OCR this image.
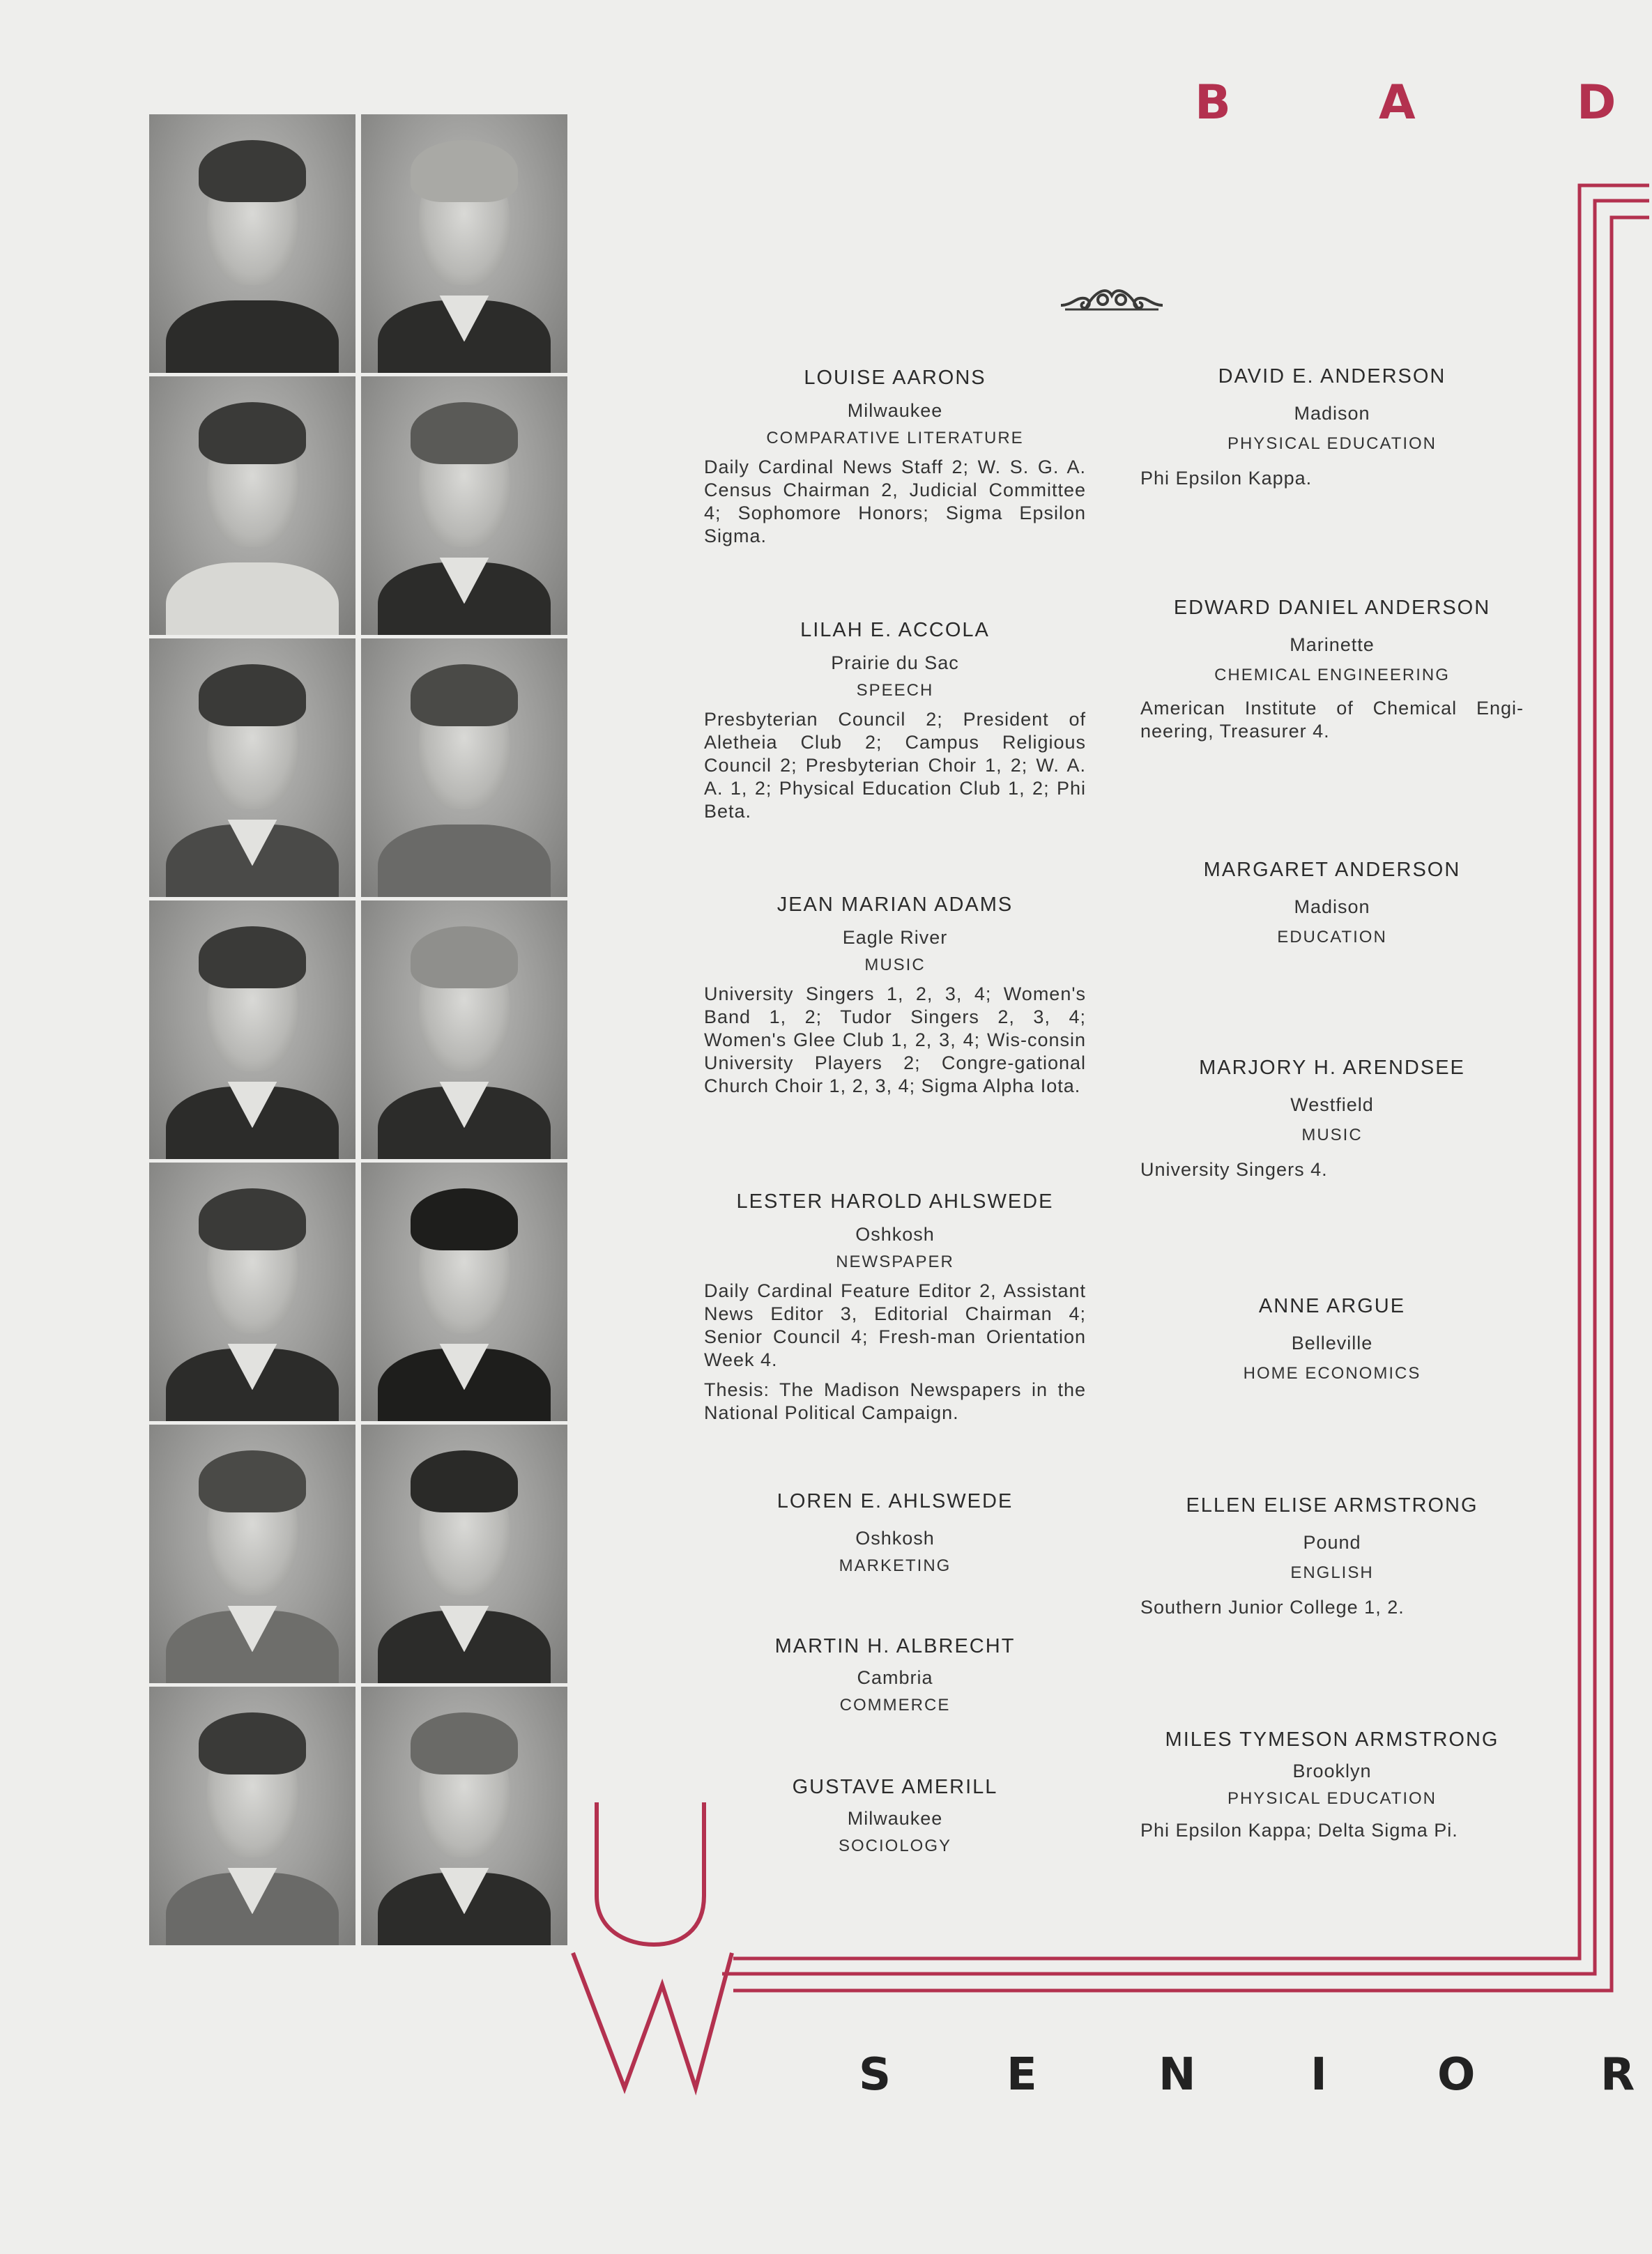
B	A	D
LOUISE AARONS
Milwaukee
COMPARATIVE LITERATURE
Daily Cardinal News Staff 2; W. S. G. A. Census Chairman 2, Judicial Committee 4; Sophomore Honors; Sigma Epsilon Sigma.
LILAH E. ACCOLA
Prairie du Sac
SPEECH
Presbyterian Council 2; President of Aletheia Club 2; Campus Religious Council 2; Presbyterian Choir 1, 2; W. A. A. 1, 2; Physical Education Club 1, 2; Phi Beta.
JEAN MARIAN ADAMS
Eagle River
MUSIC
University Singers 1, 2, 3, 4; Women's Band 1, 2; Tudor Singers 2, 3, 4; Women's Glee Club 1, 2, 3, 4; Wis-consin University Players 2; Congre-gational Church Choir 1, 2, 3, 4; Sigma Alpha Iota.
LESTER HAROLD AHLSWEDE
Oshkosh
NEWSPAPER
Daily Cardinal Feature Editor 2, Assistant News Editor 3, Editorial Chairman 4; Senior Council 4; Fresh-man Orientation Week 4.
Thesis: The Madison Newspapers in the National Political Campaign.
LOREN E. AHLSWEDE
Oshkosh
MARKETING
MARTIN H. ALBRECHT
Cambria
COMMERCE
GUSTAVE AMERILL
Milwaukee
SOCIOLOGY
DAVID E. ANDERSON
Madison
PHYSICAL EDUCATION
Phi Epsilon Kappa.
EDWARD DANIEL ANDERSON
Marinette
CHEMICAL ENGINEERING
American Institute of Chemical Engi-neering, Treasurer 4.
MARGARET ANDERSON
Madison
EDUCATION
MARJORY H. ARENDSEE
Westfield
MUSIC
University Singers 4.
ANNE ARGUE
Belleville
HOME ECONOMICS
ELLEN ELISE ARMSTRONG
Pound
ENGLISH
Southern Junior College 1, 2.
MILES TYMESON ARMSTRONG
Brooklyn
PHYSICAL EDUCATION
Phi Epsilon Kappa; Delta Sigma Pi.
S	E	N	I O	R
